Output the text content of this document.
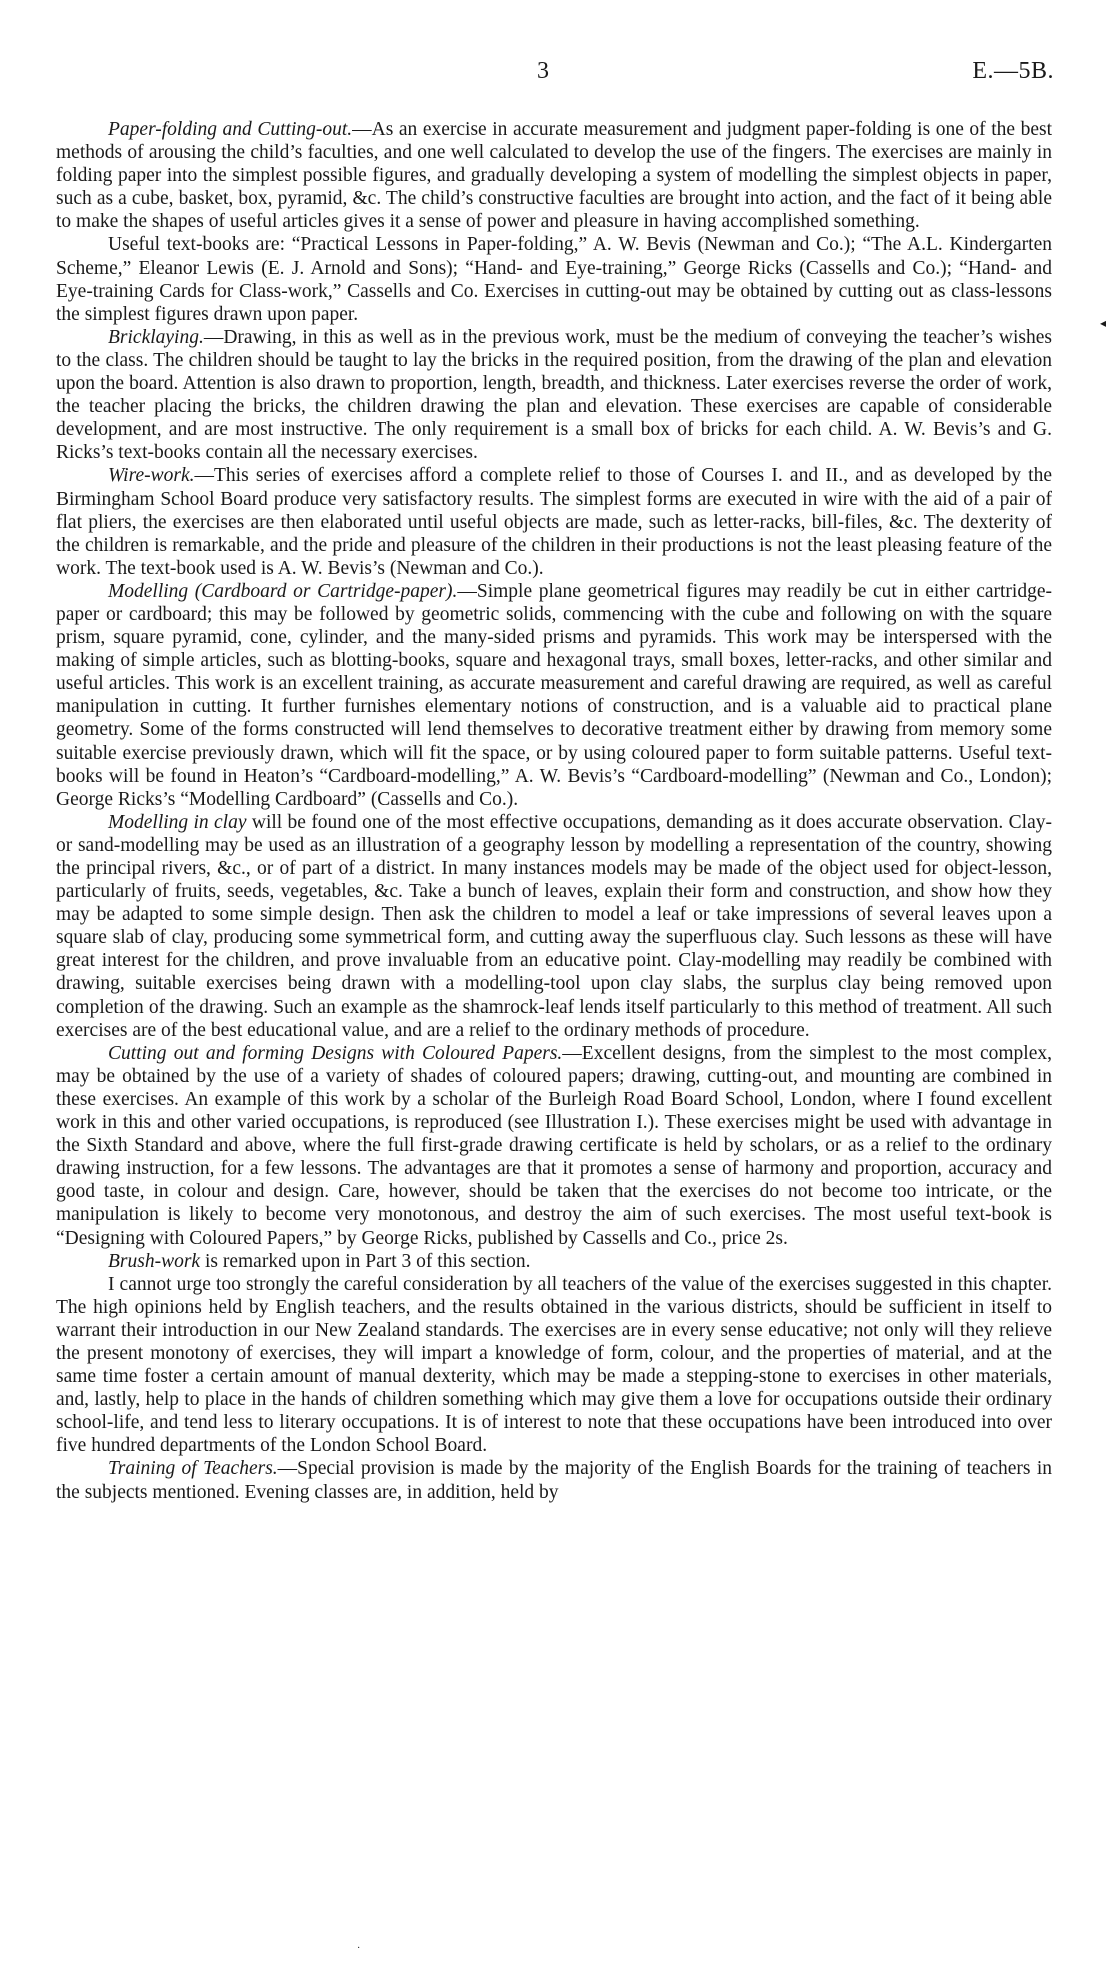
3	E.—5B.

Paper-folding and Cutting-out.—As an exercise in accurate measurement and judgment paper-folding is one of the best methods of arousing the child’s faculties, and one well calculated to develop the use of the fingers. The exercises are mainly in folding paper into the simplest possible figures, and gradually developing a system of modelling the simplest objects in paper, such as a cube, basket, box, pyramid, &c. The child’s constructive faculties are brought into action, and the fact of it being able to make the shapes of useful articles gives it a sense of power and pleasure in having accomplished something.

Useful text-books are: “Practical Lessons in Paper-folding,” A. W. Bevis (Newman and Co.); “The A.L. Kindergarten Scheme,” Eleanor Lewis (E. J. Arnold and Sons); “Hand- and Eye-training,” George Ricks (Cassells and Co.); “Hand- and Eye-training Cards for Class-work,” Cassells and Co. Exercises in cutting-out may be obtained by cutting out as class-lessons the simplest figures drawn upon paper.

Bricklaying.—Drawing, in this as well as in the previous work, must be the medium of conveying the teacher’s wishes to the class. The children should be taught to lay the bricks in the required position, from the drawing of the plan and elevation upon the board. Attention is also drawn to proportion, length, breadth, and thickness. Later exercises reverse the order of work, the teacher placing the bricks, the children drawing the plan and elevation. These exercises are capable of considerable development, and are most instructive. The only requirement is a small box of bricks for each child. A. W. Bevis’s and G. Ricks’s text-books contain all the necessary exercises.

Wire-work.—This series of exercises afford a complete relief to those of Courses I. and II., and as developed by the Birmingham School Board produce very satisfactory results. The simplest forms are executed in wire with the aid of a pair of flat pliers, the exercises are then elaborated until useful objects are made, such as letter-racks, bill-files, &c. The dexterity of the children is remarkable, and the pride and pleasure of the children in their productions is not the least pleasing feature of the work. The text-book used is A. W. Bevis’s (Newman and Co.).

Modelling (Cardboard or Cartridge-paper).—Simple plane geometrical figures may readily be cut in either cartridge-paper or cardboard; this may be followed by geometric solids, commencing with the cube and following on with the square prism, square pyramid, cone, cylinder, and the many-sided prisms and pyramids. This work may be interspersed with the making of simple articles, such as blotting-books, square and hexagonal trays, small boxes, letter-racks, and other similar and useful articles. This work is an excellent training, as accurate measurement and careful drawing are required, as well as careful manipulation in cutting. It further furnishes elementary notions of construction, and is a valuable aid to practical plane geometry. Some of the forms constructed will lend themselves to decorative treatment either by drawing from memory some suitable exercise previously drawn, which will fit the space, or by using coloured paper to form suitable patterns. Useful text-books will be found in Heaton’s “Cardboard-modelling,” A. W. Bevis’s “Cardboard-modelling” (Newman and Co., London); George Ricks’s “Modelling Cardboard” (Cassells and Co.).

Modelling in clay will be found one of the most effective occupations, demanding as it does accurate observation. Clay- or sand-modelling may be used as an illustration of a geography lesson by modelling a representation of the country, showing the principal rivers, &c., or of part of a district. In many instances models may be made of the object used for object-lesson, particularly of fruits, seeds, vegetables, &c. Take a bunch of leaves, explain their form and construction, and show how they may be adapted to some simple design. Then ask the children to model a leaf or take impressions of several leaves upon a square slab of clay, producing some symmetrical form, and cutting away the superfluous clay. Such lessons as these will have great interest for the children, and prove invaluable from an educative point. Clay-modelling may readily be combined with drawing, suitable exercises being drawn with a modelling-tool upon clay slabs, the surplus clay being removed upon completion of the drawing. Such an example as the shamrock-leaf lends itself particularly to this method of treatment. All such exercises are of the best educational value, and are a relief to the ordinary methods of procedure.

Cutting out and forming Designs with Coloured Papers.—Excellent designs, from the simplest to the most complex, may be obtained by the use of a variety of shades of coloured papers; drawing, cutting-out, and mounting are combined in these exercises. An example of this work by a scholar of the Burleigh Road Board School, London, where I found excellent work in this and other varied occupations, is reproduced (see Illustration I.). These exercises might be used with advantage in the Sixth Standard and above, where the full first-grade drawing certificate is held by scholars, or as a relief to the ordinary drawing instruction, for a few lessons. The advantages are that it promotes a sense of harmony and proportion, accuracy and good taste, in colour and design. Care, however, should be taken that the exercises do not become too intricate, or the manipulation is likely to become very monotonous, and destroy the aim of such exercises. The most useful text-book is “Designing with Coloured Papers,” by George Ricks, published by Cassells and Co., price 2s.

Brush-work is remarked upon in Part 3 of this section.

I cannot urge too strongly the careful consideration by all teachers of the value of the exercises suggested in this chapter. The high opinions held by English teachers, and the results obtained in the various districts, should be sufficient in itself to warrant their introduction in our New Zealand standards. The exercises are in every sense educative; not only will they relieve the present monotony of exercises, they will impart a knowledge of form, colour, and the properties of material, and at the same time foster a certain amount of manual dexterity, which may be made a stepping-stone to exercises in other materials, and, lastly, help to place in the hands of children something which may give them a love for occupations outside their ordinary school-life, and tend less to literary occupations. It is of interest to note that these occupations have been introduced into over five hundred departments of the London School Board.

Training of Teachers.—Special provision is made by the majority of the English Boards for the training of teachers in the subjects mentioned. Evening classes are, in addition, held by

◂
·
